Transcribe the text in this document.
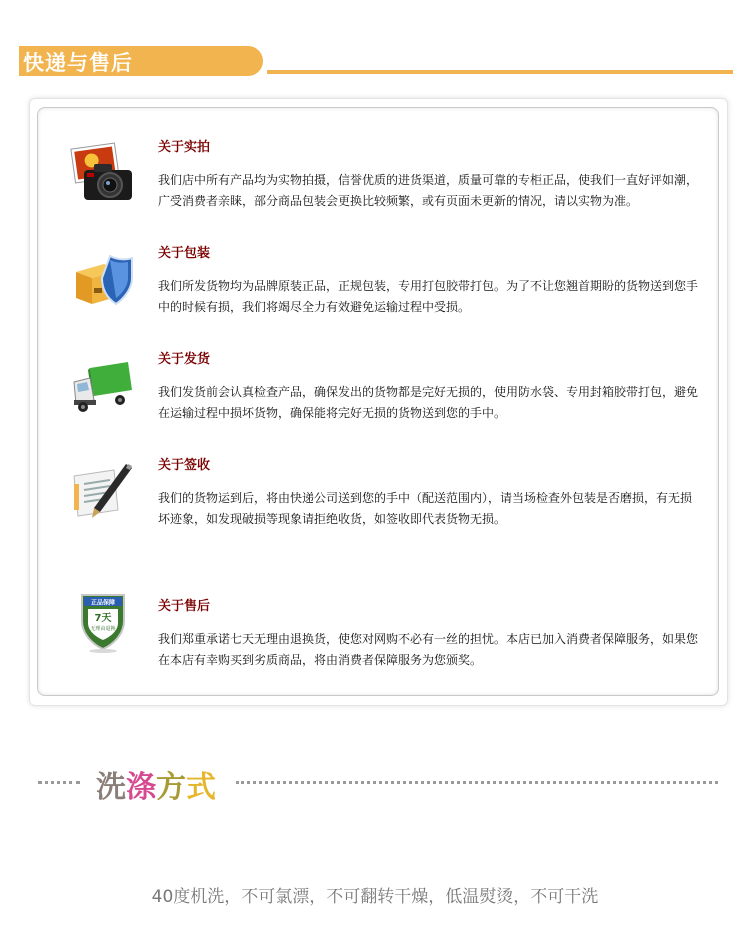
快递与售后
关于实拍

我们店中所有产品均为实物拍摄，信誉优质的进货渠道，质量可靠的专柜正品，使我们一直好评如潮，广受消费者亲睐，部分商品包装会更换比较频繁，或有页面未更新的情况，请以实物为准。

关于包装

我们所发货物均为品牌原装正品，正规包装，专用打包胶带打包。为了不让您翘首期盼的货物送到您手中的时候有损，我们将竭尽全力有效避免运输过程中受损。

关于发货

我们发货前会认真检查产品，确保发出的货物都是完好无损的，使用防水袋、专用封箱胶带打包，避免在运输过程中损坏货物，确保能将完好无损的货物送到您的手中。

关于签收

我们的货物运到后，将由快递公司送到您的手中（配送范围内），请当场检查外包装是否磨损，有无损坏迹象，如发现破损等现象请拒绝收货，如签收即代表货物无损。

正品保障
7天
无理由退换
关于售后

我们郑重承诺七天无理由退换货，使您对网购不必有一丝的担忧。本店已加入消费者保障服务，如果您在本店有幸购买到劣质商品，将由消费者保障服务为您颁奖。

洗涤方式
40度机洗，不可氯漂，不可翻转干燥，低温熨烫，不可干洗
